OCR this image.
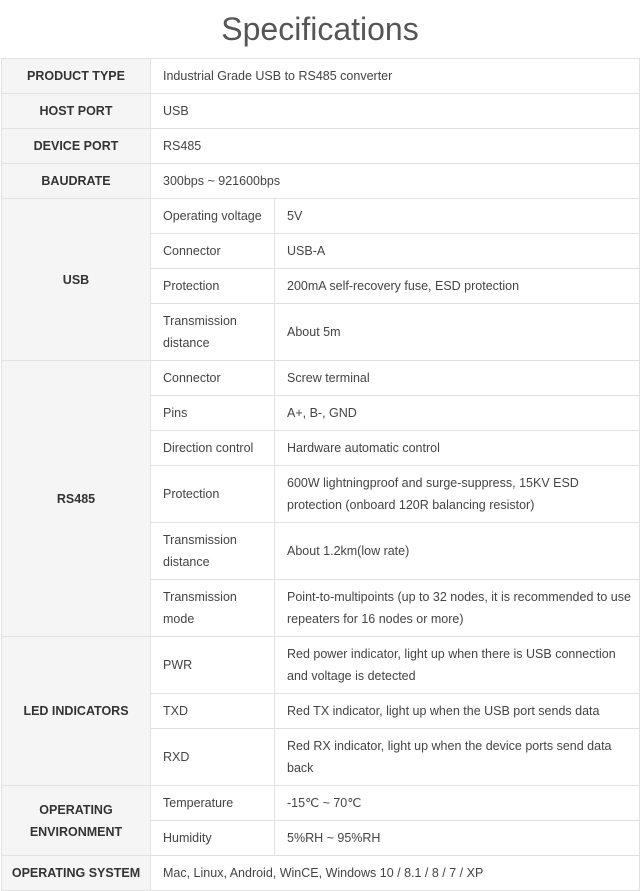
Specifications
PRODUCT TYPE	Industrial Grade USB to RS485 converter	
HOST PORT	USB	
DEVICE PORT	RS485	
BAUDRATE	300bps ~ 921600bps	
USB	Operating voltage	5V
	Connector	USB-A
	Protection	200mA self-recovery fuse, ESD protection
	Transmission distance	About 5m
RS485	Connector	Screw terminal
	Pins	A+, B-, GND
	Direction control	Hardware automatic control
	Protection	600W lightningproof and surge-suppress, 15KV ESD protection (onboard 120R balancing resistor)
	Transmission distance	About 1.2km(low rate)
	Transmission mode	Point-to-multipoints (up to 32 nodes, it is recommended to use repeaters for 16 nodes or more)
LED INDICATORS	PWR	Red power indicator, light up when there is USB connection and voltage is detected
	TXD	Red TX indicator, light up when the USB port sends data
	RXD	Red RX indicator, light up when the device ports send data back
OPERATING ENVIRONMENT	Temperature	-15℃ ~ 70℃
	Humidity	5%RH ~ 95%RH
OPERATING SYSTEM	Mac, Linux, Android, WinCE, Windows 10 / 8.1 / 8 / 7 / XP	
